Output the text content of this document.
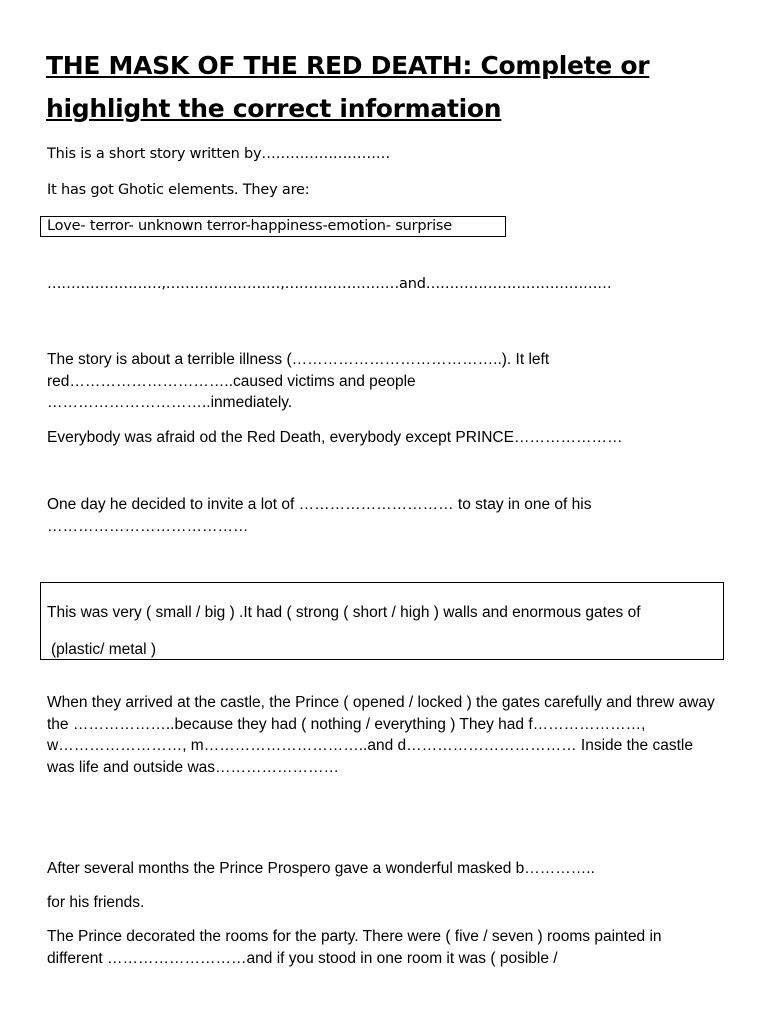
THE MASK OF THE RED DEATH: Complete or highlight the correct information
This is a short story written by………………………
It has got Ghotic elements. They are:
Love- terror- unknown terror-happiness-emotion- surprise
……………………,……………………,……………………and…………………………………
The story is about a terrible illness (…………………………………..). It left red…………………………..caused victims and people …………………………..inmediately.
Everybody was afraid od the Red Death, everybody except PRINCE…………………
One day he decided to invite a lot of ………………………… to stay in one of his
…………………………………
This was very ( small / big ) .It had ( strong ( short / high ) walls and enormous gates of
(plastic/ metal )
When they arrived at the castle, the Prince ( opened / locked ) the gates carefully and threw away the ………………..because they had ( nothing / everything ) They had f…………………, w……………………, m…………………………..and d…………………………… Inside the castle was life and outside was……………………
After several months the Prince Prospero gave a wonderful masked b…………..
for his friends.
The Prince decorated the rooms for the party. There were ( five / seven ) rooms painted in different ………………………and if you stood in one room it was ( posible /
